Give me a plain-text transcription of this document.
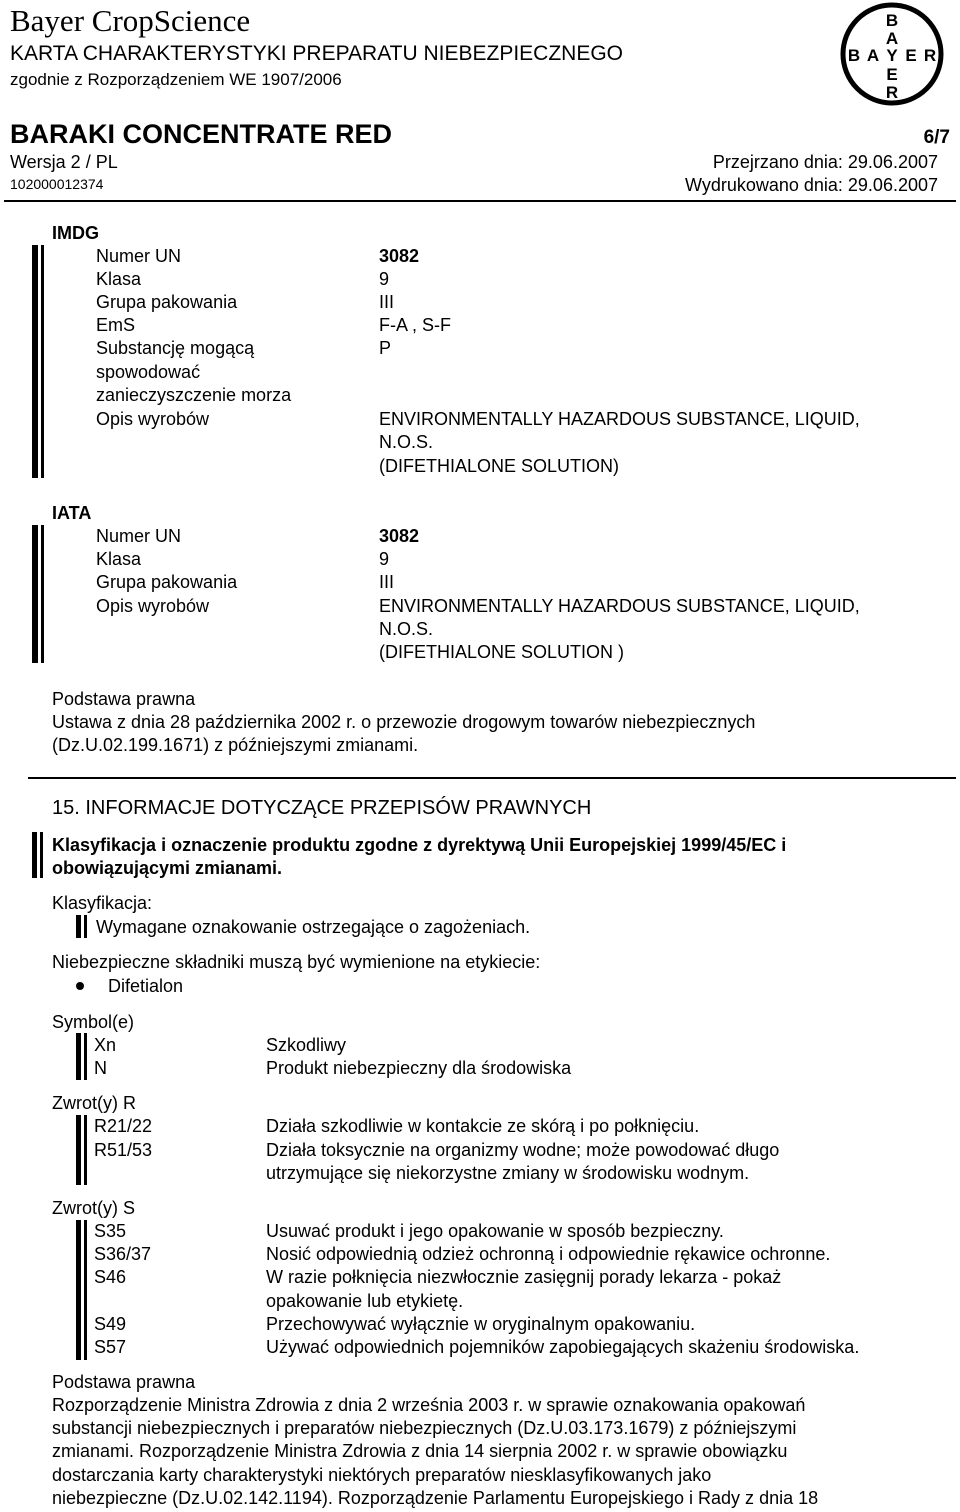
Bayer CropScience
KARTA CHARAKTERYSTYKI PREPARATU NIEBEZPIECZNEGO
zgodnie z Rozporządzeniem WE 1907/2006
BARAKI CONCENTRATE RED	6/7
Wersja 2 / PL	Przejrzano dnia: 29.06.2007
102000012374	Wydrukowano dnia: 29.06.2007
B
A
Y
E
R
B A E R
IMDG
Numer UN	3082
Klasa	9
Grupa pakowania	III
EmS	F-A , S-F
Substancję mogącą	P
spowodować
zanieczyszczenie morza
Opis wyrobów	ENVIRONMENTALLY HAZARDOUS SUBSTANCE, LIQUID,
N.O.S.
(DIFETHIALONE SOLUTION)
IATA
Numer UN	3082
Klasa	9
Grupa pakowania	III
Opis wyrobów	ENVIRONMENTALLY HAZARDOUS SUBSTANCE, LIQUID,
N.O.S.
(DIFETHIALONE SOLUTION )
Podstawa prawna
Ustawa z dnia 28 października 2002 r. o przewozie drogowym towarów niebezpiecznych
(Dz.U.02.199.1671) z późniejszymi zmianami.
15. INFORMACJE DOTYCZĄCE PRZEPISÓW PRAWNYCH
Klasyfikacja i oznaczenie produktu zgodne z dyrektywą Unii Europejskiej 1999/45/EC i
obowiązującymi zmianami.
Klasyfikacja:
Wymagane oznakowanie ostrzegające o zagożeniach.
Niebezpieczne składniki muszą być wymienione na etykiecie:
Difetialon
Symbol(e)
Xn	Szkodliwy
N	Produkt niebezpieczny dla środowiska
Zwrot(y) R
R21/22	Działa szkodliwie w kontakcie ze skórą i po połknięciu.
R51/53	Działa toksycznie na organizmy wodne; może powodować długo
utrzymujące się niekorzystne zmiany w środowisku wodnym.
Zwrot(y) S
S35	Usuwać produkt i jego opakowanie w sposób bezpieczny.
S36/37	Nosić odpowiednią odzież ochronną i odpowiednie rękawice ochronne.
S46	W razie połknięcia niezwłocznie zasięgnij porady lekarza - pokaż
opakowanie lub etykietę.
S49	Przechowywać wyłącznie w oryginalnym opakowaniu.
S57	Używać odpowiednich pojemników zapobiegających skażeniu środowiska.
Podstawa prawna
Rozporządzenie Ministra Zdrowia z dnia 2 września 2003 r. w sprawie oznakowania opakowań
substancji niebezpiecznych i preparatów niebezpiecznych (Dz.U.03.173.1679) z późniejszymi
zmianami. Rozporządzenie Ministra Zdrowia z dnia 14 sierpnia 2002 r. w sprawie obowiązku
dostarczania karty charakterystyki niektórych preparatów niesklasyfikowanych jako
niebezpieczne (Dz.U.02.142.1194). Rozporządzenie Parlamentu Europejskiego i Rady z dnia 18
